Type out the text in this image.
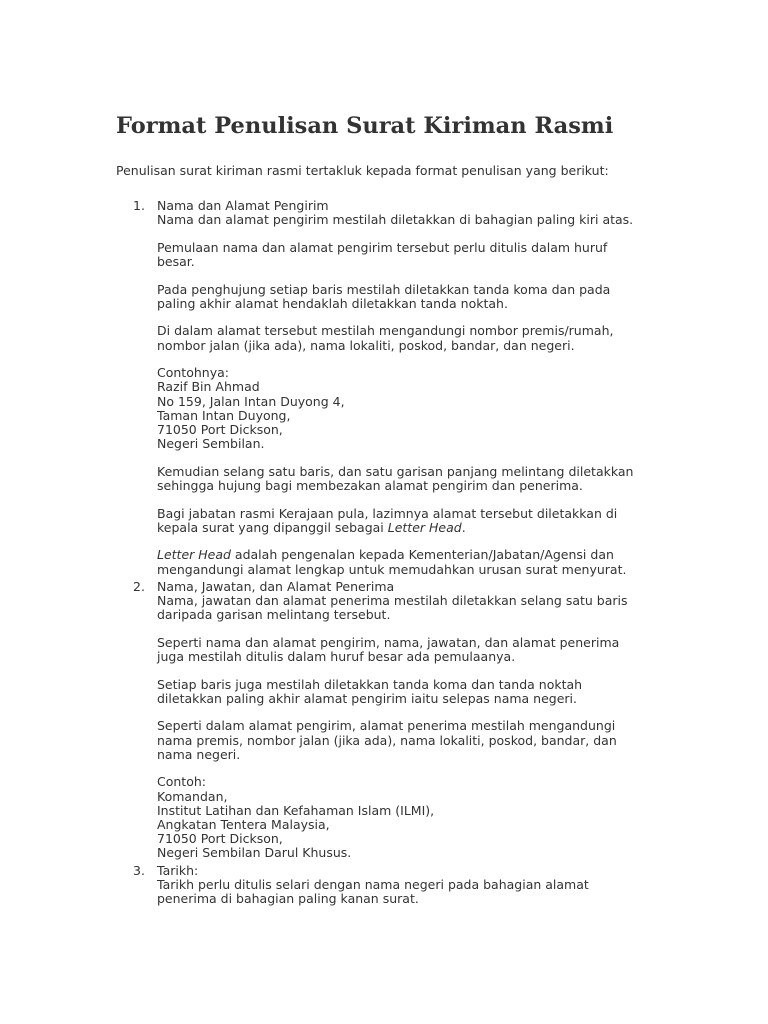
Format Penulisan Surat Kiriman Rasmi

Penulisan surat kiriman rasmi tertakluk kepada format penulisan yang berikut:

1. Nama dan Alamat Pengirim
Nama dan alamat pengirim mestilah diletakkan di bahagian paling kiri atas.
Pemulaan nama dan alamat pengirim tersebut perlu ditulis dalam huruf
besar.
Pada penghujung setiap baris mestilah diletakkan tanda koma dan pada
paling akhir alamat hendaklah diletakkan tanda noktah.
Di dalam alamat tersebut mestilah mengandungi nombor premis/rumah,
nombor jalan (jika ada), nama lokaliti, poskod, bandar, dan negeri.
Contohnya:
Razif Bin Ahmad
No 159, Jalan Intan Duyong 4,
Taman Intan Duyong,
71050 Port Dickson,
Negeri Sembilan.
Kemudian selang satu baris, dan satu garisan panjang melintang diletakkan
sehingga hujung bagi membezakan alamat pengirim dan penerima.
Bagi jabatan rasmi Kerajaan pula, lazimnya alamat tersebut diletakkan di
kepala surat yang dipanggil sebagai Letter Head.
Letter Head adalah pengenalan kepada Kementerian/Jabatan/Agensi dan
mengandungi alamat lengkap untuk memudahkan urusan surat menyurat.
2. Nama, Jawatan, dan Alamat Penerima
Nama, jawatan dan alamat penerima mestilah diletakkan selang satu baris
daripada garisan melintang tersebut.
Seperti nama dan alamat pengirim, nama, jawatan, dan alamat penerima
juga mestilah ditulis dalam huruf besar ada pemulaanya.
Setiap baris juga mestilah diletakkan tanda koma dan tanda noktah
diletakkan paling akhir alamat pengirim iaitu selepas nama negeri.
Seperti dalam alamat pengirim, alamat penerima mestilah mengandungi
nama premis, nombor jalan (jika ada), nama lokaliti, poskod, bandar, dan
nama negeri.
Contoh:
Komandan,
Institut Latihan dan Kefahaman Islam (ILMI),
Angkatan Tentera Malaysia,
71050 Port Dickson,
Negeri Sembilan Darul Khusus.
3. Tarikh:
Tarikh perlu ditulis selari dengan nama negeri pada bahagian alamat
penerima di bahagian paling kanan surat.
